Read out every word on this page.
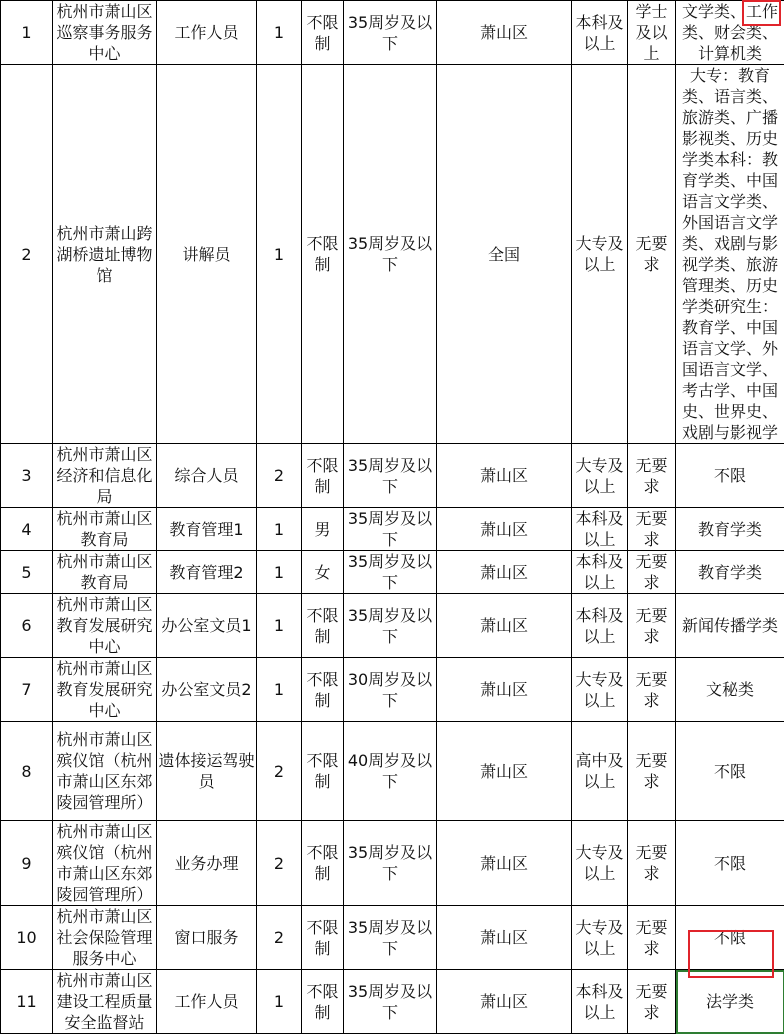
1	杭州市萧山区巡察事务服务中心	工作人员	1	不限制	35周岁及以下	萧山区	本科及以上	学士及以上	文学类、工作类、财会类、计算机类
2	杭州市萧山跨湖桥遗址博物馆	讲解员	1	不限制	35周岁及以下	全国	大专及以上	无要求	大专：教育类、语言类、旅游类、广播影视类、历史学类本科：教育学类、中国语言文学类、外国语言文学类、戏剧与影视学类、旅游管理类、历史学类研究生：教育学、中国语言文学、外国语言文学、考古学、中国史、世界史、戏剧与影视学
3	杭州市萧山区经济和信息化局	综合人员	2	不限制	35周岁及以下	萧山区	大专及以上	无要求	不限
4	杭州市萧山区教育局	教育管理1	1	男	35周岁及以下	萧山区	本科及以上	无要求	教育学类
5	杭州市萧山区教育局	教育管理2	1	女	35周岁及以下	萧山区	本科及以上	无要求	教育学类
6	杭州市萧山区教育发展研究中心	办公室文员1	1	不限制	35周岁及以下	萧山区	本科及以上	无要求	新闻传播学类
7	杭州市萧山区教育发展研究中心	办公室文员2	1	不限制	30周岁及以下	萧山区	大专及以上	无要求	文秘类
8	杭州市萧山区殡仪馆（杭州市萧山区东郊陵园管理所）	遗体接运驾驶员	2	不限制	40周岁及以下	萧山区	高中及以上	无要求	不限
9	杭州市萧山区殡仪馆（杭州市萧山区东郊陵园管理所）	业务办理	2	不限制	35周岁及以下	萧山区	大专及以上	无要求	不限
10	杭州市萧山区社会保险管理服务中心	窗口服务	2	不限制	35周岁及以下	萧山区	大专及以上	无要求	不限
11	杭州市萧山区建设工程质量安全监督站	工作人员	1	不限制	35周岁及以下	萧山区	本科及以上	无要求	法学类
